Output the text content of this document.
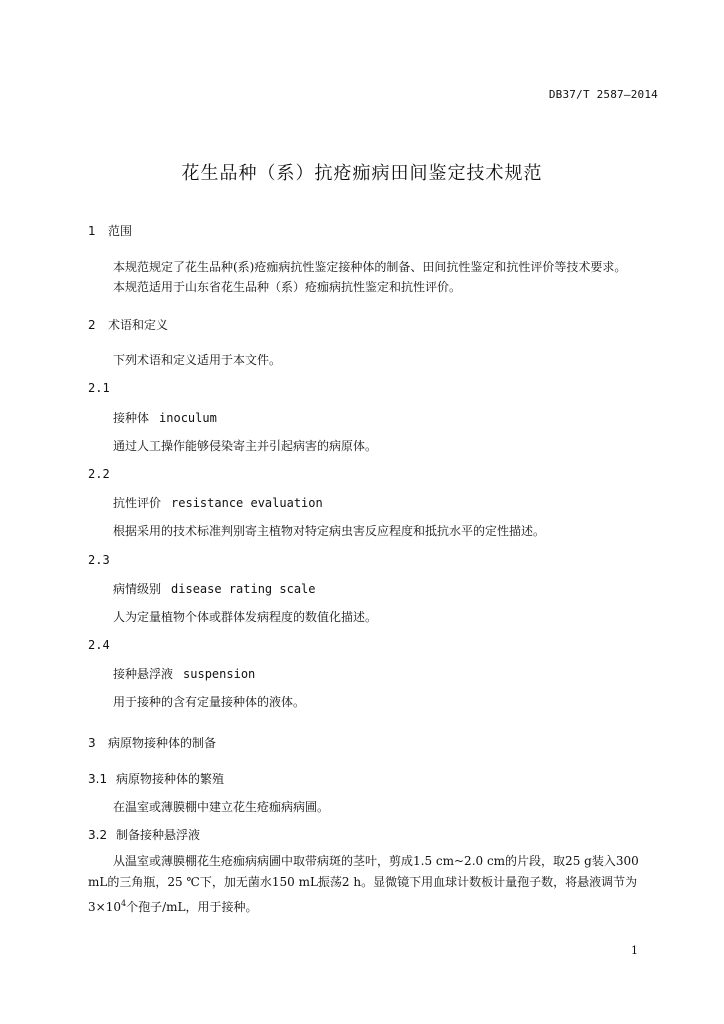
DB37/T 2587—2014
花生品种（系）抗疮痂病田间鉴定技术规范
1 范围
本规范规定了花生品种(系)疮痂病抗性鉴定接种体的制备、田间抗性鉴定和抗性评价等技术要求。
本规范适用于山东省花生品种（系）疮痂病抗性鉴定和抗性评价。
2 术语和定义
下列术语和定义适用于本文件。
2.1
接种体 inoculum
通过人工操作能够侵染寄主并引起病害的病原体。
2.2
抗性评价 resistance evaluation
根据采用的技术标准判别寄主植物对特定病虫害反应程度和抵抗水平的定性描述。
2.3
病情级别 disease rating scale
人为定量植物个体或群体发病程度的数值化描述。
2.4
接种悬浮液 suspension
用于接种的含有定量接种体的液体。
3 病原物接种体的制备
3.1 病原物接种体的繁殖
在温室或薄膜棚中建立花生疮痂病病圃。
3.2 制备接种悬浮液
从温室或薄膜棚花生疮痂病病圃中取带病斑的茎叶，剪成1.5 cm~2.0 cm的片段，取25 g装入300 mL的三角瓶，25 ℃下，加无菌水150 mL振荡2 h。显微镜下用血球计数板计量孢子数，将悬液调节为$3\times 10^4$个孢子/mL，用于接种。
1
